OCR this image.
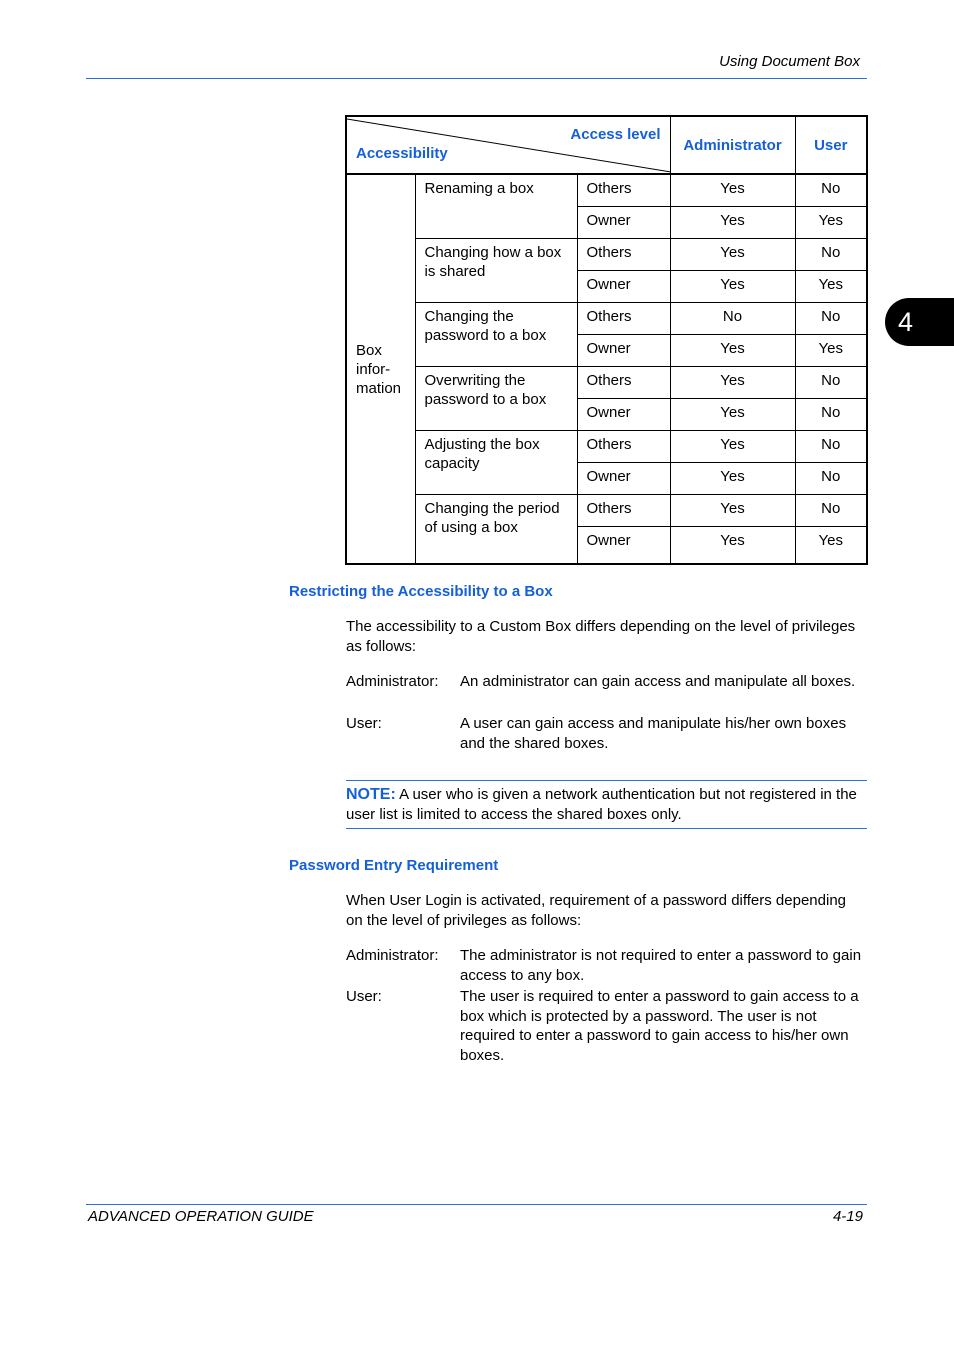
Using Document Box
4
Access level
Accessibility			Administrator	User
Box infor- mation	Renaming a box	Others	Yes	No
		Owner	Yes	Yes
	Changing how a box is shared	Others	Yes	No
		Owner	Yes	Yes
	Changing the password to a box	Others	No	No
		Owner	Yes	Yes
	Overwriting the password to a box	Others	Yes	No
		Owner	Yes	No
	Adjusting the box capacity	Others	Yes	No
		Owner	Yes	No
	Changing the period of using a box	Others	Yes	No
		Owner	Yes	Yes
Restricting the Accessibility to a Box
The accessibility to a Custom Box differs depending on the level of privileges as follows:
Administrator: An administrator can gain access and manipulate all boxes.
User:	A user can gain access and manipulate his/her own boxes and the shared boxes.
NOTE: A user who is given a network authentication but not registered in the user list is limited to access the shared boxes only.
Password Entry Requirement
When User Login is activated, requirement of a password differs depending on the level of privileges as follows:
Administrator: The administrator is not required to enter a password to gain access to any box.
User:	The user is required to enter a password to gain access to a box which is protected by a password. The user is not required to enter a password to gain access to his/her own boxes.
ADVANCED OPERATION GUIDE	4-19
